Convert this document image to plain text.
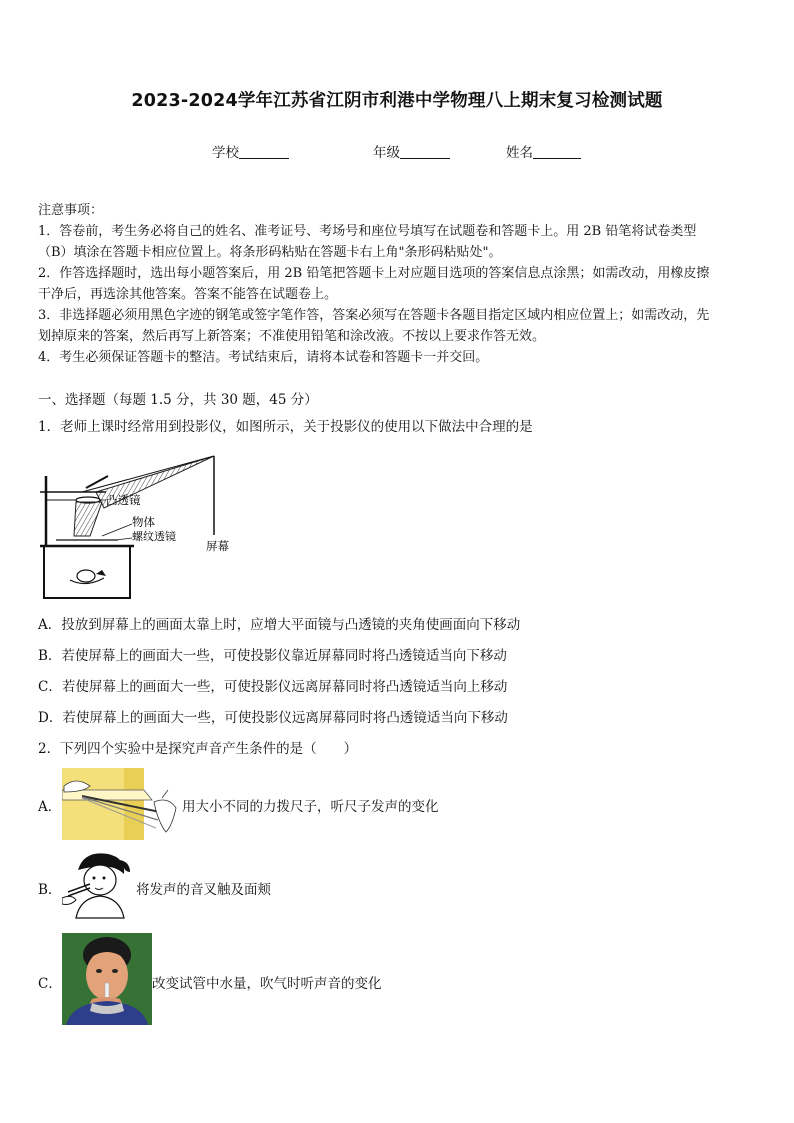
2023-2024学年江苏省江阴市利港中学物理八上期末复习检测试题
学校	年级	姓名
注意事项：
1．答卷前，考生务必将自己的姓名、准考证号、考场号和座位号填写在试题卷和答题卡上。用 2B 铅笔将试卷类型
（B）填涂在答题卡相应位置上。将条形码粘贴在答题卡右上角"条形码粘贴处"。
2．作答选择题时，选出每小题答案后，用 2B 铅笔把答题卡上对应题目选项的答案信息点涂黑；如需改动，用橡皮擦
干净后，再选涂其他答案。答案不能答在试题卷上。
3．非选择题必须用黑色字迹的钢笔或签字笔作答，答案必须写在答题卡各题目指定区域内相应位置上；如需改动，先
划掉原来的答案，然后再写上新答案；不准使用铅笔和涂改液。不按以上要求作答无效。
4．考生必须保证答题卡的整洁。考试结束后，请将本试卷和答题卡一并交回。
一、选择题（每题 1.5 分，共 30 题，45 分）
1．老师上课时经常用到投影仪，如图所示，关于投影仪的使用以下做法中合理的是
凸透镜
物体
螺纹透镜
屏幕
A．投放到屏幕上的画面太靠上时，应增大平面镜与凸透镜的夹角使画面向下移动
B．若使屏幕上的画面大一些，可使投影仪靠近屏幕同时将凸透镜适当向下移动
C．若使屏幕上的画面大一些，可使投影仪远离屏幕同时将凸透镜适当向上移动
D．若使屏幕上的画面大一些，可使投影仪远离屏幕同时将凸透镜适当向下移动
2．下列四个实验中是探究声音产生条件的是（　　）
A．	用大小不同的力拨尺子，听尺子发声的变化
B．	将发声的音叉触及面颊
C．	改变试管中水量，吹气时听声音的变化
